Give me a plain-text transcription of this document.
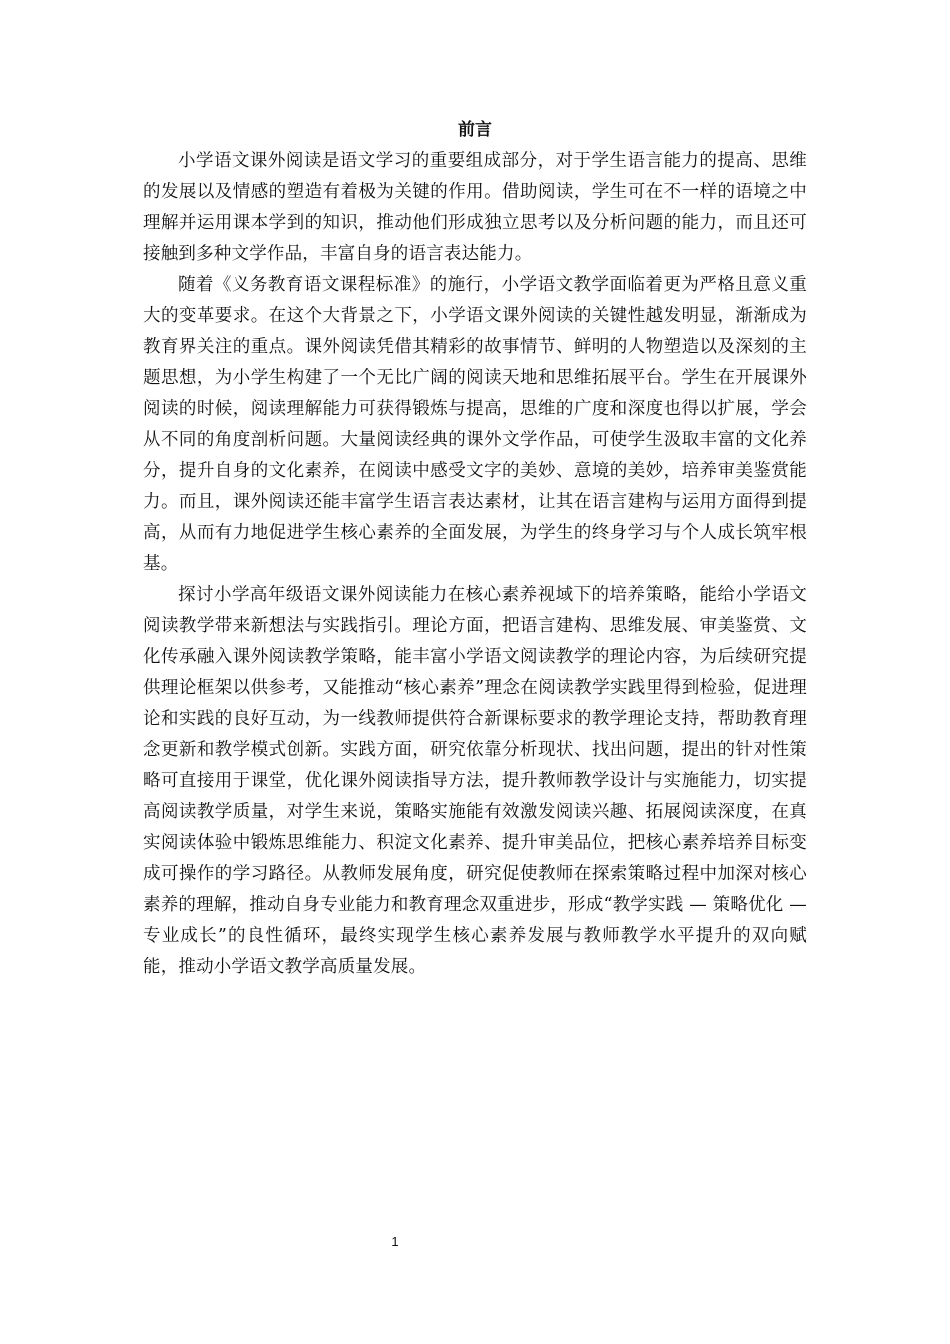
前言

小学语文课外阅读是语文学习的重要组成部分，对于学生语言能力的提高、思维的发展以及情感的塑造有着极为关键的作用。借助阅读，学生可在不一样的语境之中理解并运用课本学到的知识，推动他们形成独立思考以及分析问题的能力，而且还可接触到多种文学作品，丰富自身的语言表达能力。

随着《义务教育语文课程标准》的施行，小学语文教学面临着更为严格且意义重大的变革要求。在这个大背景之下，小学语文课外阅读的关键性越发明显，渐渐成为教育界关注的重点。课外阅读凭借其精彩的故事情节、鲜明的人物塑造以及深刻的主题思想，为小学生构建了一个无比广阔的阅读天地和思维拓展平台。学生在开展课外阅读的时候，阅读理解能力可获得锻炼与提高，思维的广度和深度也得以扩展，学会从不同的角度剖析问题。大量阅读经典的课外文学作品，可使学生汲取丰富的文化养分，提升自身的文化素养，在阅读中感受文字的美妙、意境的美妙，培养审美鉴赏能力。而且，课外阅读还能丰富学生语言表达素材，让其在语言建构与运用方面得到提高，从而有力地促进学生核心素养的全面发展，为学生的终身学习与个人成长筑牢根基。

探讨小学高年级语文课外阅读能力在核心素养视域下的培养策略，能给小学语文阅读教学带来新想法与实践指引。理论方面，把语言建构、思维发展、审美鉴赏、文化传承融入课外阅读教学策略，能丰富小学语文阅读教学的理论内容，为后续研究提供理论框架以供参考，又能推动“核心素养”理念在阅读教学实践里得到检验，促进理论和实践的良好互动，为一线教师提供符合新课标要求的教学理论支持，帮助教育理念更新和教学模式创新。实践方面，研究依靠分析现状、找出问题，提出的针对性策略可直接用于课堂，优化课外阅读指导方法，提升教师教学设计与实施能力，切实提高阅读教学质量，对学生来说，策略实施能有效激发阅读兴趣、拓展阅读深度，在真实阅读体验中锻炼思维能力、积淀文化素养、提升审美品位，把核心素养培养目标变成可操作的学习路径。从教师发展角度，研究促使教师在探索策略过程中加深对核心素养的理解，推动自身专业能力和教育理念双重进步，形成“教学实践 — 策略优化 — 专业成长”的良性循环，最终实现学生核心素养发展与教师教学水平提升的双向赋能，推动小学语文教学高质量发展。

1
